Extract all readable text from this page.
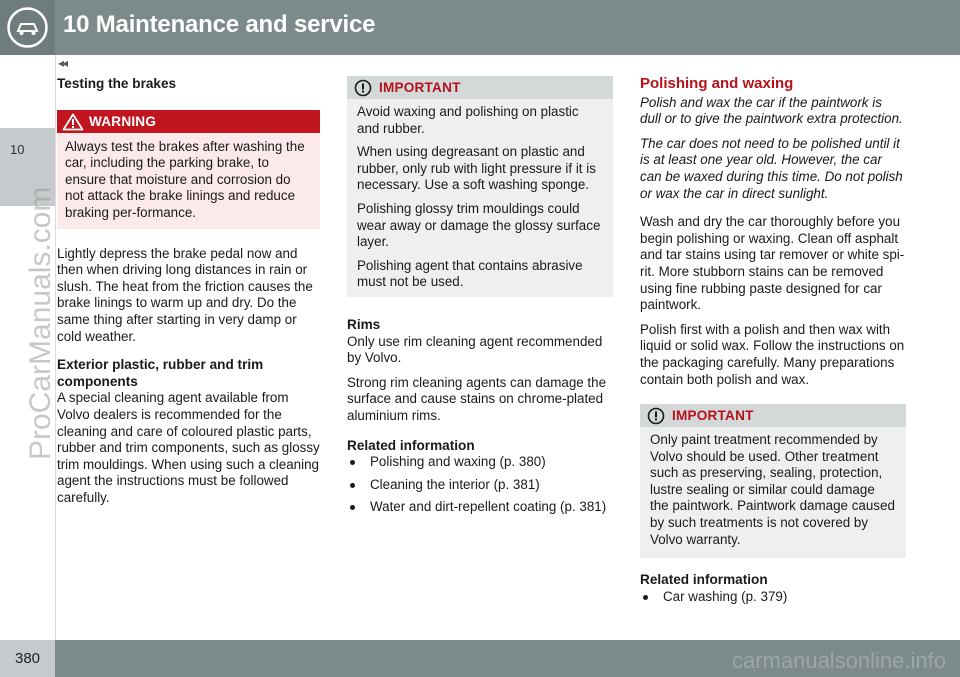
10 Maintenance and service
◂◂
10
ProCarManuals.com
Testing the brakes
WARNING
Always test the brakes after washing the car, including the parking brake, to ensure that moisture and corrosion do not attack the brake linings and reduce braking per-formance.

Lightly depress the brake pedal now and then when driving long distances in rain or slush. The heat from the friction causes the brake linings to warm up and dry. Do the same thing after starting in very damp or cold weather.

Exterior plastic, rubber and trim components

A special cleaning agent available from Volvo dealers is recommended for the cleaning and care of coloured plastic parts, rubber and trim components, such as glossy trim mouldings. When using such a cleaning agent the instructions must be followed carefully.

IMPORTANT

Avoid waxing and polishing on plastic and rubber.

When using degreasant on plastic and rubber, only rub with light pressure if it is necessary. Use a soft washing sponge.

Polishing glossy trim mouldings could wear away or damage the glossy surface layer.

Polishing agent that contains abrasive must not be used.

Rims

Only use rim cleaning agent recommended by Volvo.

Strong rim cleaning agents can damage the surface and cause stains on chrome-plated aluminium rims.

Related information
Polishing and waxing (p. 380)
Cleaning the interior (p. 381)
Water and dirt-repellent coating (p. 381)
Polishing and waxing

Polish and wax the car if the paintwork is dull or to give the paintwork extra protection.

The car does not need to be polished until it is at least one year old. However, the car can be waxed during this time. Do not polish or wax the car in direct sunlight.

Wash and dry the car thoroughly before you begin polishing or waxing. Clean off asphalt and tar stains using tar remover or white spi-rit. More stubborn stains can be removed using fine rubbing paste designed for car paintwork.

Polish first with a polish and then wax with liquid or solid wax. Follow the instructions on the packaging carefully. Many preparations contain both polish and wax.

IMPORTANT
Only paint treatment recommended by Volvo should be used. Other treatment such as preserving, sealing, protection, lustre sealing or similar could damage the paintwork. Paintwork damage caused by such treatments is not covered by Volvo warranty.
Related information
Car washing (p. 379)
380	carmanualsonline.info
